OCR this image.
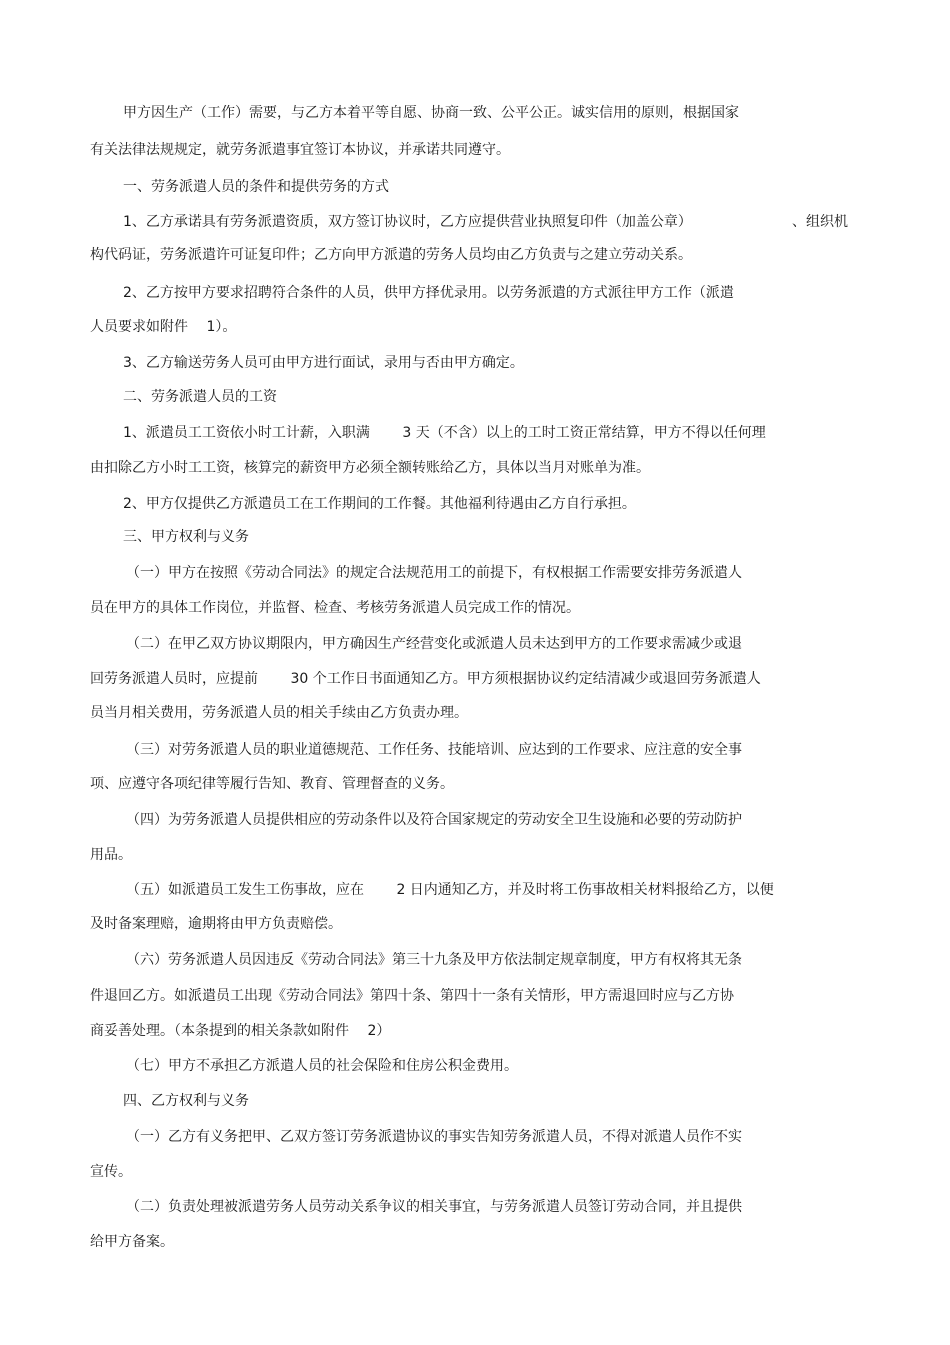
甲方因生产（工作）需要，与乙方本着平等自愿、协商一致、公平公正。诚实信用的原则，根据国家
有关法律法规规定，就劳务派遣事宜签订本协议，并承诺共同遵守。
一、劳务派遣人员的条件和提供劳务的方式
1、乙方承诺具有劳务派遣资质，双方签订协议时，乙方应提供营业执照复印件（加盖公章）	、组织机
构代码证，劳务派遣许可证复印件；乙方向甲方派遣的劳务人员均由乙方负责与之建立劳动关系。
2、乙方按甲方要求招聘符合条件的人员，供甲方择优录用。以劳务派遣的方式派往甲方工作（派遣
人员要求如附件　 1）。
3、乙方输送劳务人员可由甲方进行面试，录用与否由甲方确定。
二、劳务派遣人员的工资
1、派遣员工工资依小时工计薪，入职满　　 3 天（不含）以上的工时工资正常结算，甲方不得以任何理
由扣除乙方小时工工资，核算完的薪资甲方必须全额转账给乙方，具体以当月对账单为准。
2、甲方仅提供乙方派遣员工在工作期间的工作餐。其他福利待遇由乙方自行承担。
三、甲方权利与义务
（一）甲方在按照《劳动合同法》的规定合法规范用工的前提下，有权根据工作需要安排劳务派遣人
员在甲方的具体工作岗位，并监督、检查、考核劳务派遣人员完成工作的情况。
（二）在甲乙双方协议期限内，甲方确因生产经营变化或派遣人员未达到甲方的工作要求需减少或退
回劳务派遣人员时，应提前　　 30 个工作日书面通知乙方。甲方须根据协议约定结清减少或退回劳务派遣人
员当月相关费用，劳务派遣人员的相关手续由乙方负责办理。
（三）对劳务派遣人员的职业道德规范、工作任务、技能培训、应达到的工作要求、应注意的安全事
项、应遵守各项纪律等履行告知、教育、管理督查的义务。
（四）为劳务派遣人员提供相应的劳动条件以及符合国家规定的劳动安全卫生设施和必要的劳动防护
用品。
（五）如派遣员工发生工伤事故，应在　　 2 日内通知乙方，并及时将工伤事故相关材料报给乙方，以便
及时备案理赔，逾期将由甲方负责赔偿。
（六）劳务派遣人员因违反《劳动合同法》第三十九条及甲方依法制定规章制度，甲方有权将其无条
件退回乙方。如派遣员工出现《劳动合同法》第四十条、第四十一条有关情形，甲方需退回时应与乙方协
商妥善处理。（本条提到的相关条款如附件　 2）
（七）甲方不承担乙方派遣人员的社会保险和住房公积金费用。
四、乙方权利与义务
（一）乙方有义务把甲、乙双方签订劳务派遣协议的事实告知劳务派遣人员，不得对派遣人员作不实
宣传。
（二）负责处理被派遣劳务人员劳动关系争议的相关事宜，与劳务派遣人员签订劳动合同，并且提供
给甲方备案。
